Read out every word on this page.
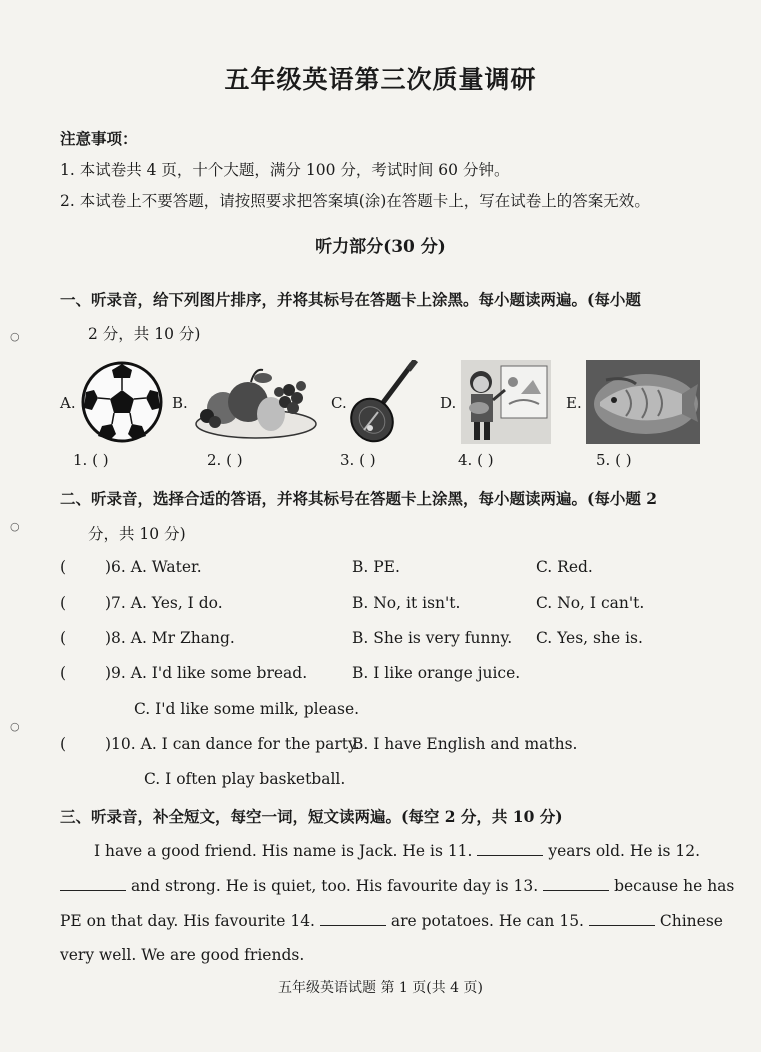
○
○
○
五年级英语第三次质量调研
注意事项：
1. 本试卷共 4 页，十个大题，满分 100 分，考试时间 60 分钟。
2. 本试卷上不要答题，请按照要求把答案填(涂)在答题卡上，写在试卷上的答案无效。
听力部分(30 分)
一、听录音，给下列图片排序，并将其标号在答题卡上涂黑。每小题读两遍。(每小题
2 分，共 10 分)
A.	B.	C.	D.	E.
1. ( )	2. ( )	3. ( )	4. ( )	5. ( )
二、听录音，选择合适的答语，并将其标号在答题卡上涂黑，每小题读两遍。(每小题 2
分，共 10 分)
(	)6. A. Water.	B. PE.	C. Red.
(	)7. A. Yes, I do.	B. No, it isn't.	C. No, I can't.
(	)8. A. Mr Zhang.	B. She is very funny. C. Yes, she is.
(	)9. A. I'd like some bread.	B. I like orange juice.
C. I'd like some milk, please.
(	)10. A. I can dance for the party.
B. I have English and maths.
C. I often play basketball.
三、听录音，补全短文，每空一词，短文读两遍。(每空 2 分，共 10 分)
I have a good friend. His name is Jack. He is 11.	years old. He is 12.
and strong. He is quiet, too. His favourite day is 13.	because he has
PE on that day. His favourite 14.	are potatoes. He can 15.	Chinese
very well. We are good friends.
五年级英语试题 第 1 页(共 4 页)
